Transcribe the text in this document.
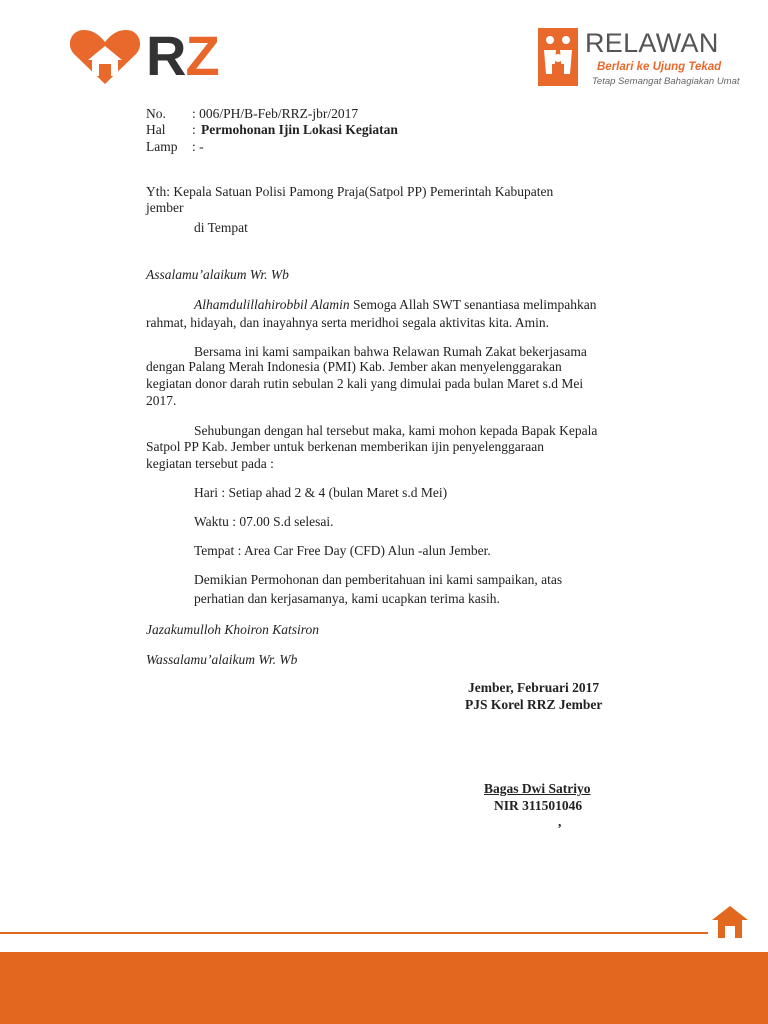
RZ	RELAWAN
Berlari ke Ujung Tekad
Tetap Semangat Bahagiakan Umat
No. : 006/PH/B-Feb/RRZ-jbr/2017
Hal : Permohonan Ijin Lokasi Kegiatan
Lamp : -
Yth: Kepala Satuan Polisi Pamong Praja(Satpol PP) Pemerintah Kabupaten
jember
di Tempat
Assalamu’alaikum Wr. Wb
Alhamdulillahirobbil Alamin Semoga Allah SWT senantiasa melimpahkan
rahmat, hidayah, dan inayahnya serta meridhoi segala aktivitas kita. Amin.
Bersama ini kami sampaikan bahwa Relawan Rumah Zakat bekerjasama
dengan Palang Merah Indonesia (PMI) Kab. Jember akan menyelenggarakan
kegiatan donor darah rutin sebulan 2 kali yang dimulai pada bulan Maret s.d Mei
2017.
Sehubungan dengan hal tersebut maka, kami mohon kepada Bapak Kepala
Satpol PP Kab. Jember untuk berkenan memberikan ijin penyelenggaraan
kegiatan tersebut pada :
Hari : Setiap ahad 2 & 4 (bulan Maret s.d Mei)
Waktu : 07.00 S.d selesai.
Tempat : Area Car Free Day (CFD) Alun -alun Jember.
Demikian Permohonan dan pemberitahuan ini kami sampaikan, atas
perhatian dan kerjasamanya, kami ucapkan terima kasih.
Jazakumulloh Khoiron Katsiron
Wassalamu’alaikum Wr. Wb
Jember, Februari 2017
PJS Korel RRZ Jember
Bagas Dwi Satriyo
NIR 311501046
,
